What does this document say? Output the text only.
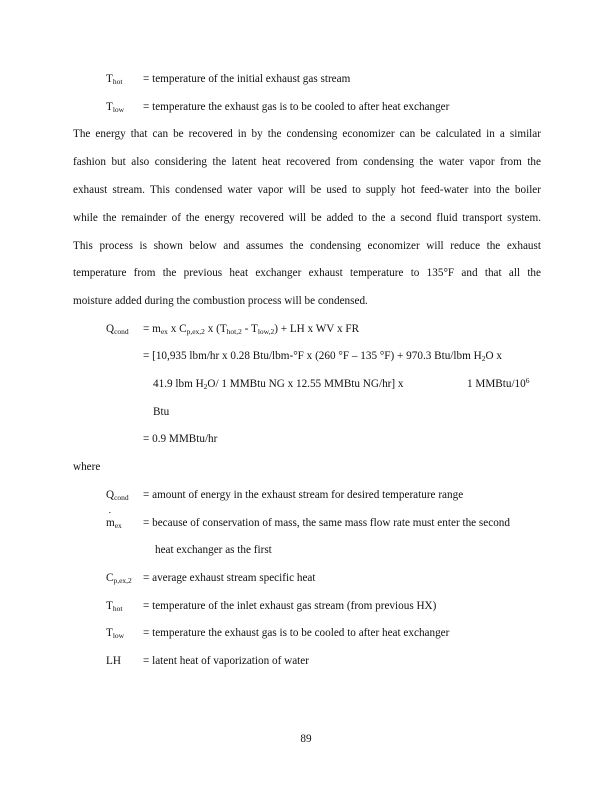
$T_{hot}$ = temperature of the initial exhaust gas stream
$T_{low}$ = temperature the exhaust gas is to be cooled to after heat exchanger
The energy that can be recovered in by the condensing economizer can be calculated in a similar
fashion but also considering the latent heat recovered from condensing the water vapor from the
exhaust stream. This condensed water vapor will be used to supply hot feed-water into the boiler
while the remainder of the energy recovered will be added to the a second fluid transport system.
This process is shown below and assumes the condensing economizer will reduce the exhaust
temperature from the previous heat exchanger exhaust temperature to 135°F and that all the
moisture added during the combustion process will be condensed.
$Q_{cond} = m_{ex}$ x $C_{p,ex,2}$ x $(T_{hot,2} - T_{low,2})$ + LH x WV x FR
= [10,935 lbm/hr x 0.28 Btu/lbm-°F x (260 °F – 135 °F) + 970.3 Btu/lbm $H_2O$ x
41.9 lbm $H_2O/$ 1 MMBtu NG x 12.55 MMBtu NG/hr] x	1 MMBtu/$10^6$
Btu
= 0.9 MMBtu/hr
where
$Q_{cond}$ = amount of energy in the exhaust stream for desired temperature range
˙ $m_{ex}$ = because of conservation of mass, the same mass flow rate must enter the second
heat exchanger as the first
$C_{p,ex,2}$ = average exhaust stream specific heat
$T_{hot}$ = temperature of the inlet exhaust gas stream (from previous HX)
$T_{low}$ = temperature the exhaust gas is to be cooled to after heat exchanger
LH = latent heat of vaporization of water
89
